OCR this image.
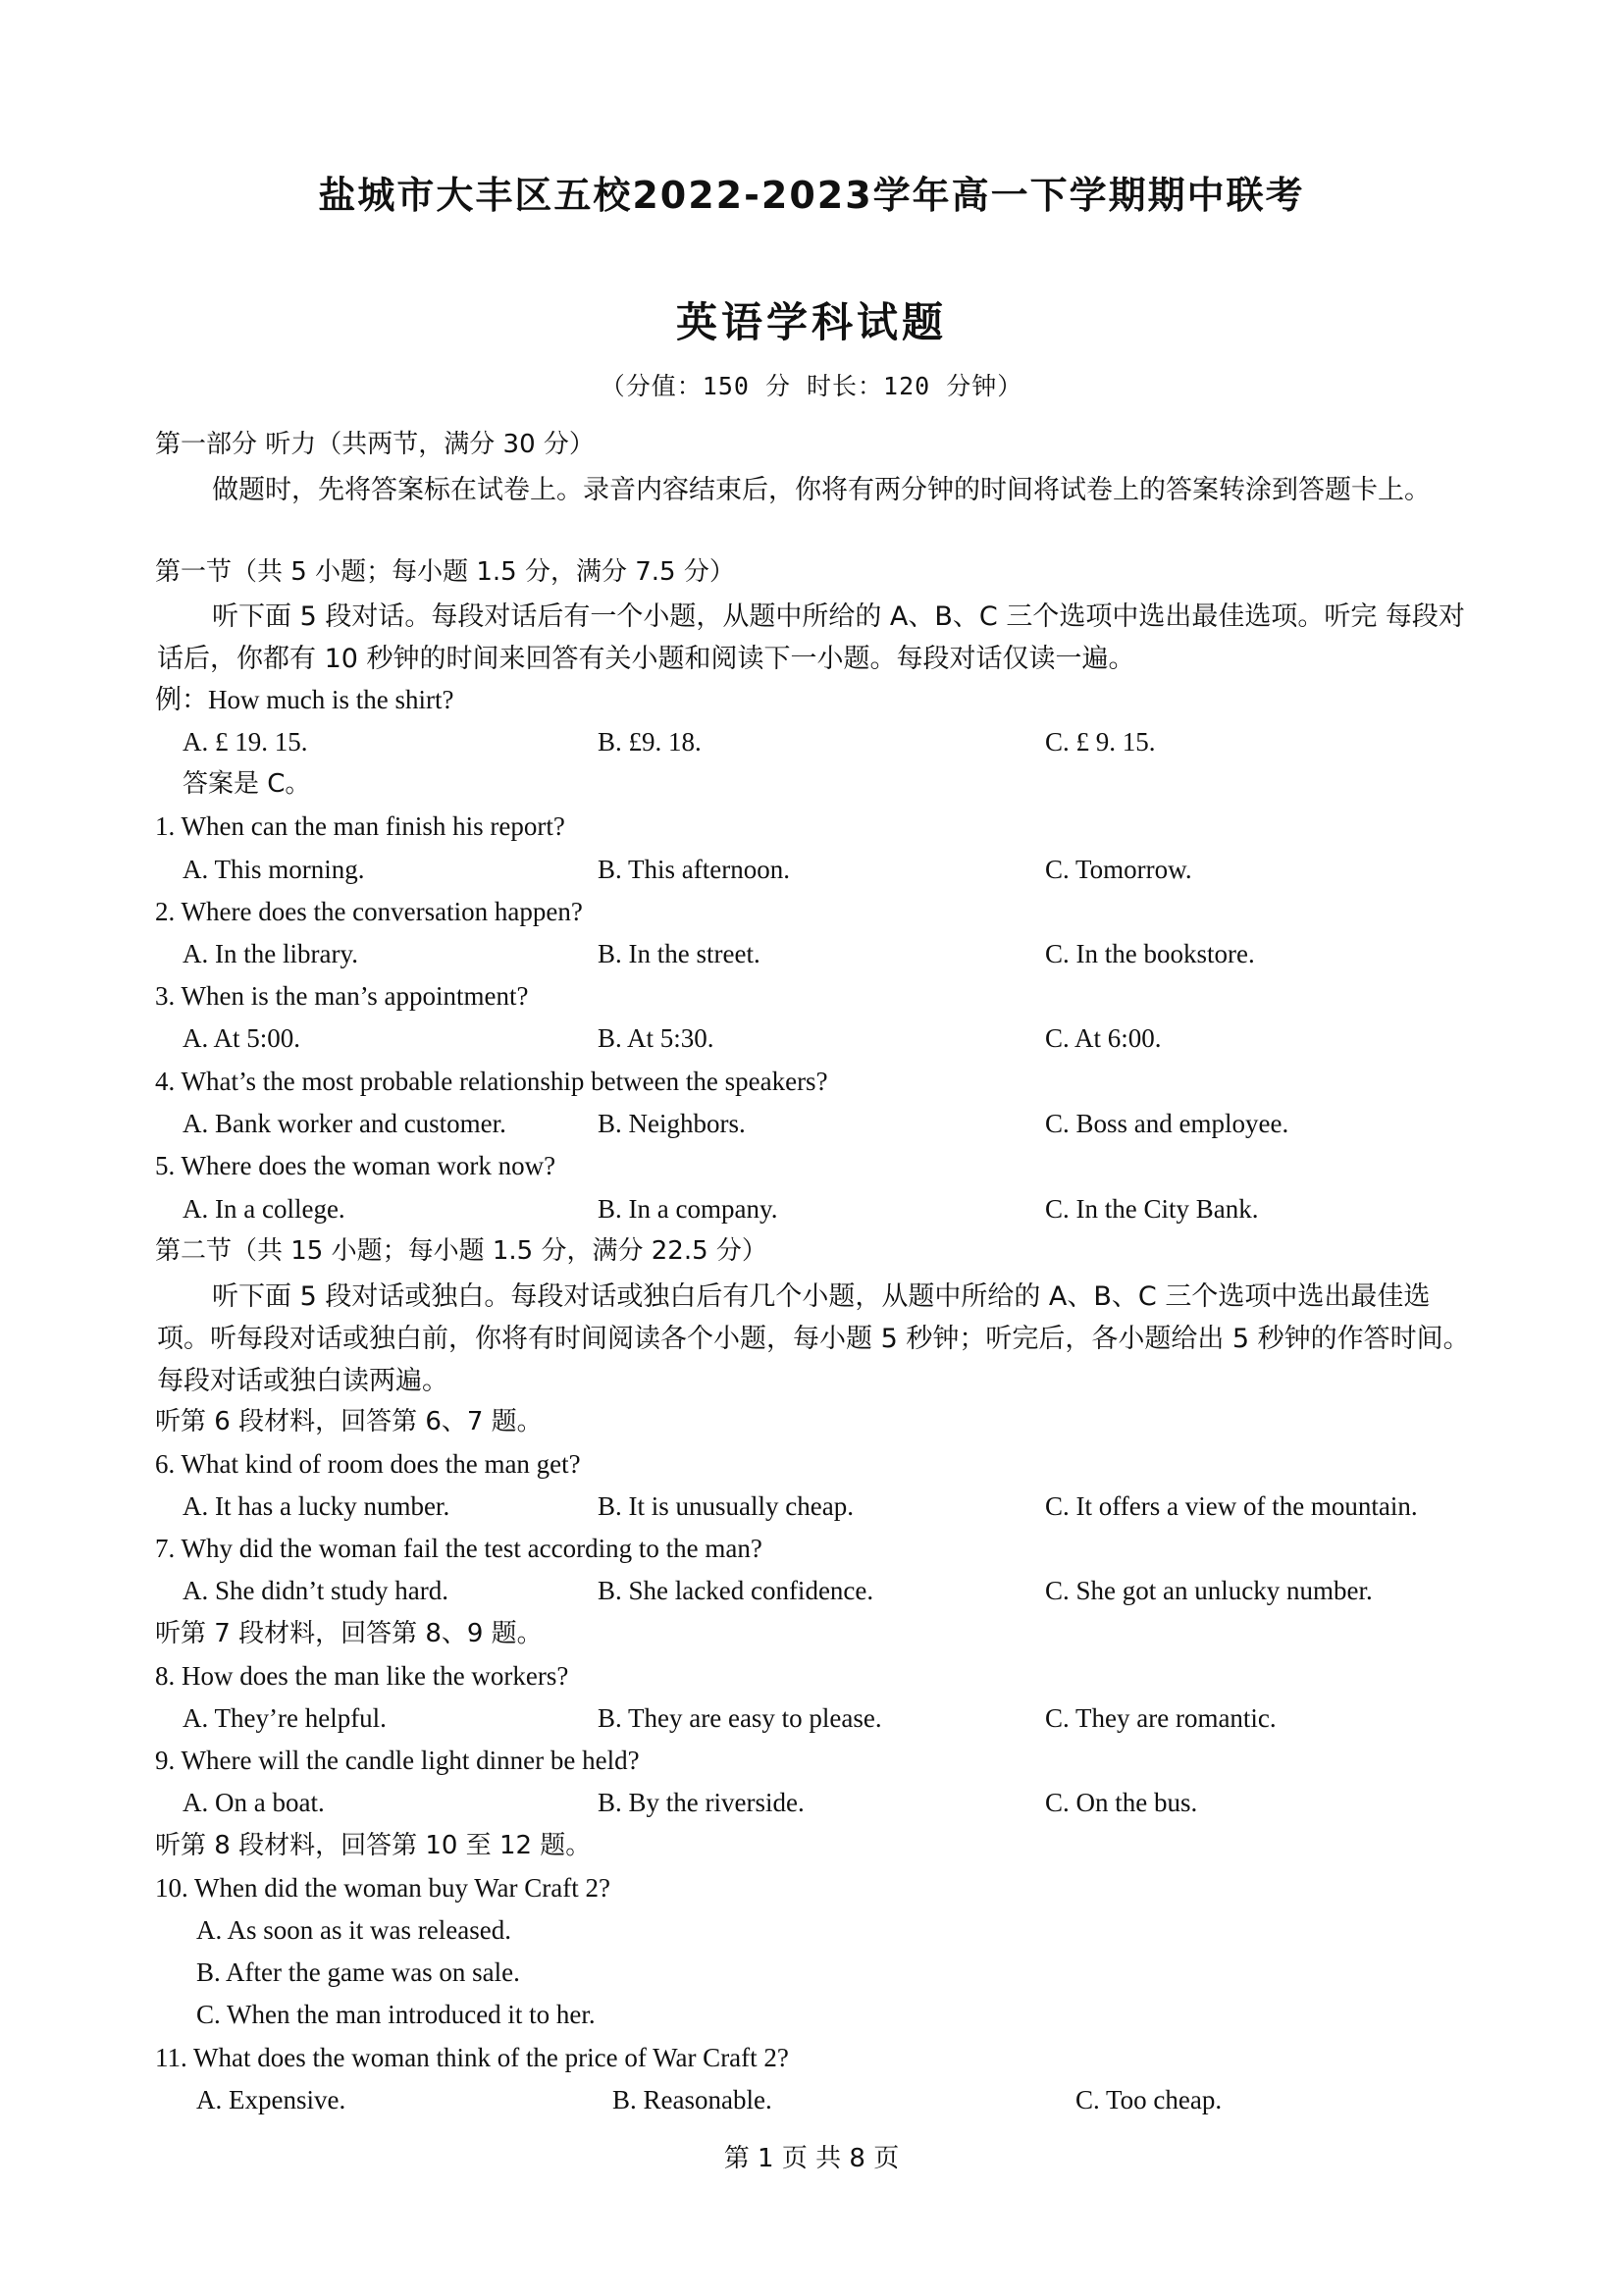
盐城市大丰区五校2022-2023学年高一下学期期中联考
英语学科试题
（分值：150 分 时长：120 分钟）
第一部分 听力（共两节，满分 30 分）
做题时，先将答案标在试卷上。录音内容结束后，你将有两分钟的时间将试卷上的答案转涂到答题卡上。
第一节（共 5 小题；每小题 1.5 分，满分 7.5 分）
听下面 5 段对话。每段对话后有一个小题，从题中所给的 A、B、C 三个选项中选出最佳选项。听完 每段对话后，你都有 10 秒钟的时间来回答有关小题和阅读下一小题。每段对话仅读一遍。
例：How much is the shirt?
A. £ 19. 15.	B. £9. 18.	C. £ 9. 15.
答案是 C。
1. When can the man finish his report?
A. This morning.	B. This afternoon.	C. Tomorrow.
2. Where does the conversation happen?
A. In the library.	B. In the street.	C. In the bookstore.
3. When is the man’s appointment?
A. At 5:00.	B. At 5:30.	C. At 6:00.
4. What’s the most probable relationship between the speakers?
A. Bank worker and customer.	B. Neighbors.	C. Boss and employee.
5. Where does the woman work now?
A. In a college.	B. In a company.	C. In the City Bank.
第二节（共 15 小题；每小题 1.5 分，满分 22.5 分）
听下面 5 段对话或独白。每段对话或独白后有几个小题，从题中所给的 A、B、C 三个选项中选出最佳选项。听每段对话或独白前，你将有时间阅读各个小题，每小题 5 秒钟；听完后，各小题给出 5 秒钟的作答时间。每段对话或独白读两遍。
听第 6 段材料，回答第 6、7 题。
6. What kind of room does the man get?
A. It has a lucky number.	B. It is unusually cheap.	C. It offers a view of the mountain.
7. Why did the woman fail the test according to the man?
A. She didn’t study hard.	B. She lacked confidence.	C. She got an unlucky number.
听第 7 段材料，回答第 8、9 题。
8. How does the man like the workers?
A. They’re helpful.	B. They are easy to please.	C. They are romantic.
9. Where will the candle light dinner be held?
A. On a boat.	B. By the riverside.	C. On the bus.
听第 8 段材料，回答第 10 至 12 题。
10. When did the woman buy War Craft 2?
A. As soon as it was released.
B. After the game was on sale.
C. When the man introduced it to her.
11. What does the woman think of the price of War Craft 2?
A. Expensive.	B. Reasonable.	C. Too cheap.
第 1 页 共 8 页
